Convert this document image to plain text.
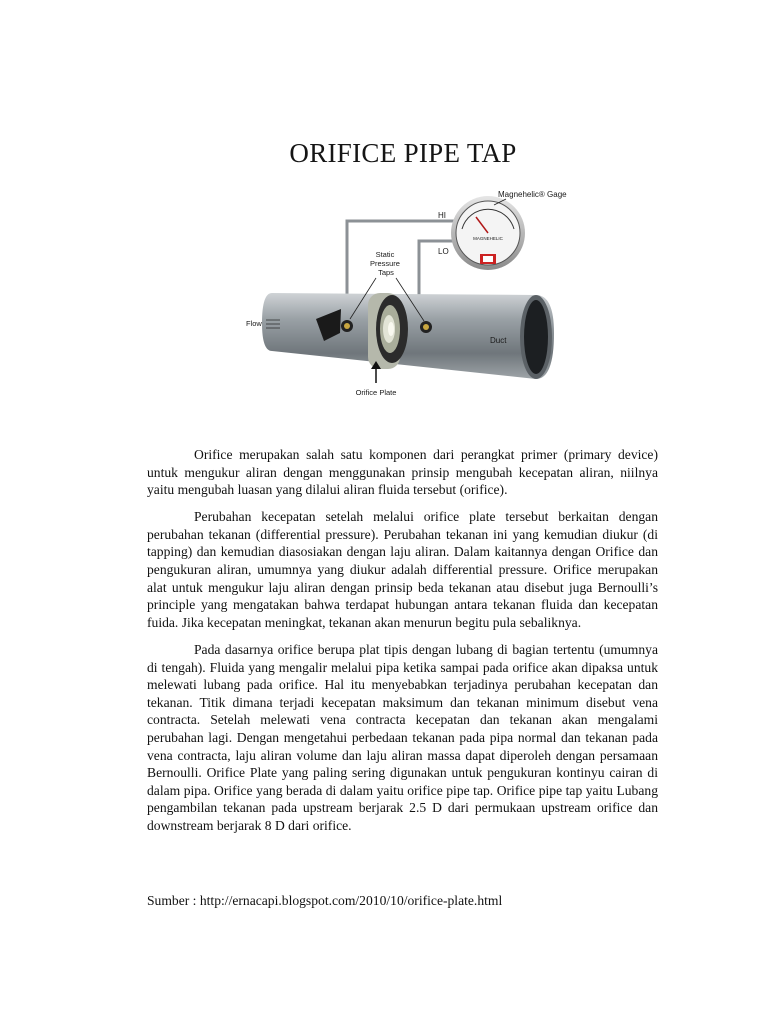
ORIFICE PIPE TAP
MAGNEHELIC
Magnehelic® Gage
HI
LO
Static Pressure Taps
Flow
Duct
Orifice Plate

Orifice merupakan salah satu komponen dari perangkat primer (primary device) untuk mengukur aliran dengan menggunakan prinsip mengubah kecepatan aliran, niilnya yaitu mengubah luasan yang dilalui aliran fluida tersebut (orifice).

Perubahan kecepatan setelah melalui orifice plate tersebut berkaitan dengan perubahan tekanan (differential pressure). Perubahan tekanan ini yang kemudian diukur (di tapping) dan kemudian diasosiakan dengan laju aliran. Dalam kaitannya dengan Orifice dan pengukuran aliran, umumnya yang diukur adalah differential pressure. Orifice merupakan alat untuk mengukur laju aliran dengan prinsip beda tekanan atau disebut juga Bernoulli’s principle yang mengatakan bahwa terdapat hubungan antara tekanan fluida dan kecepatan fuida. Jika kecepatan meningkat, tekanan akan menurun begitu pula sebaliknya.

Pada dasarnya orifice berupa plat tipis dengan lubang di bagian tertentu (umumnya di tengah). Fluida yang mengalir melalui pipa ketika sampai pada orifice akan dipaksa untuk melewati lubang pada orifice. Hal itu menyebabkan terjadinya perubahan kecepatan dan tekanan. Titik dimana terjadi kecepatan maksimum dan tekanan minimum disebut vena contracta. Setelah melewati vena contracta kecepatan dan tekanan akan mengalami perubahan lagi. Dengan mengetahui perbedaan tekanan pada pipa normal dan tekanan pada vena contracta, laju aliran volume dan laju aliran massa dapat diperoleh dengan persamaan Bernoulli. Orifice Plate yang paling sering digunakan untuk pengukuran kontinyu cairan di dalam pipa. Orifice yang berada di dalam yaitu orifice pipe tap. Orifice pipe tap yaitu Lubang pengambilan tekanan pada upstream berjarak 2.5 D dari permukaan upstream orifice dan downstream berjarak 8 D dari orifice.

Sumber : http://ernacapi.blogspot.com/2010/10/orifice-plate.html
